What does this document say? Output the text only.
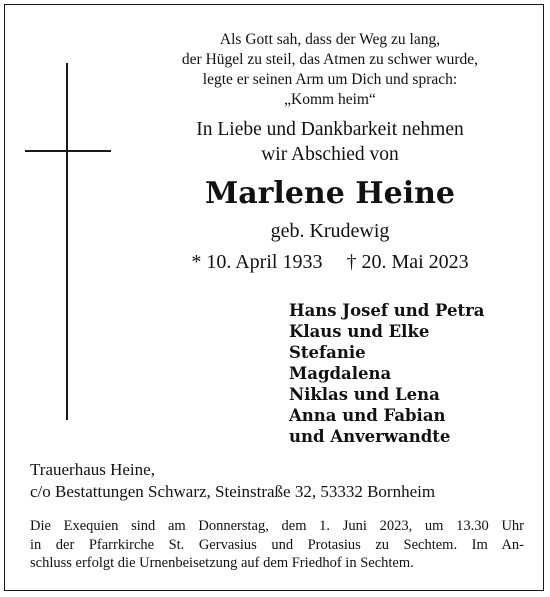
Als Gott sah, dass der Weg zu lang,
der Hügel zu steil, das Atmen zu schwer wurde,
legte er seinen Arm um Dich und sprach:
„Komm heim“
In Liebe und Dankbarkeit nehmen
wir Abschied von
Marlene Heine
geb. Krudewig
* 10. April 1933 † 20. Mai 2023
Hans Josef und Petra
Klaus und Elke
Stefanie
Magdalena
Niklas und Lena
Anna und Fabian
und Anverwandte
Trauerhaus Heine,
c/o Bestattungen Schwarz, Steinstraße 32, 53332 Bornheim
Die Exequien sind am Donnerstag, dem 1. Juni 2023, um 13.30 Uhr
in der Pfarrkirche St. Gervasius und Protasius zu Sechtem. Im An-
schluss erfolgt die Urnenbeisetzung auf dem Friedhof in Sechtem.
